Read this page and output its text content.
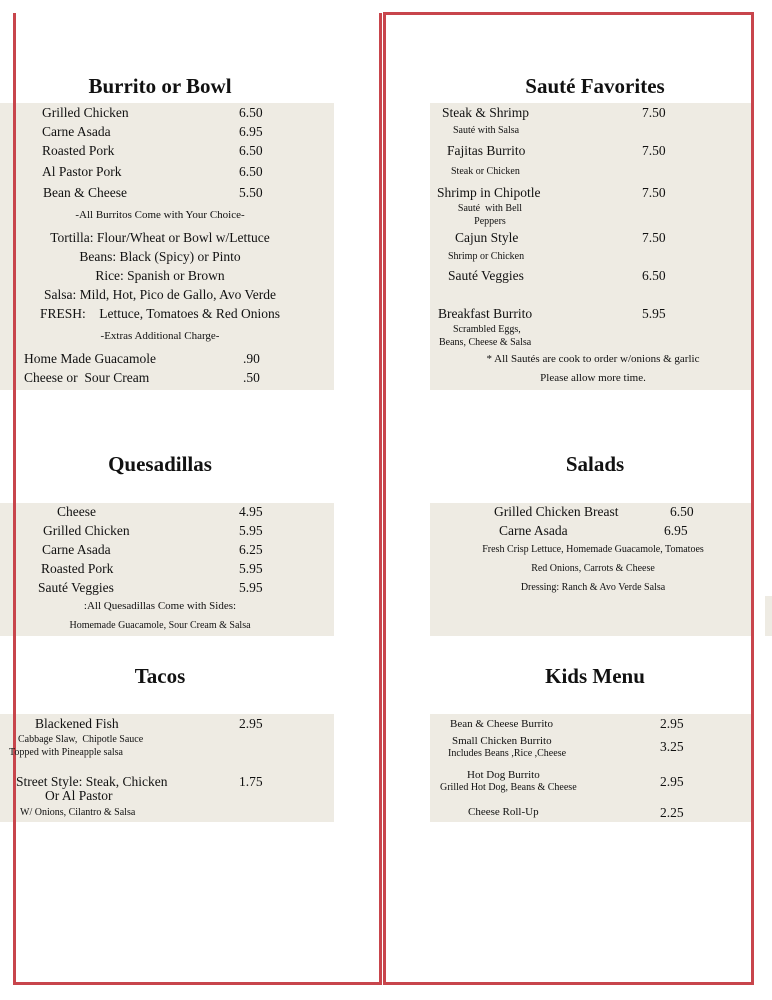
Burrito or Bowl
Grilled Chicken	6.50
Carne Asada	6.95
Roasted Pork	6.50
Al Pastor Pork	6.50
Bean & Cheese	5.50
-All Burritos Come with Your Choice-
Tortilla: Flour/Wheat or Bowl w/Lettuce
Beans: Black (Spicy) or Pinto
Rice: Spanish or Brown
Salsa: Mild, Hot, Pico de Gallo, Avo Verde
FRESH:    Lettuce, Tomatoes & Red Onions
-Extras Additional Charge-
Home Made Guacamole	.90
Cheese or  Sour Cream	.50
Sauté Favorites
Steak & Shrimp	7.50
Sauté with Salsa
Fajitas Burrito	7.50
Steak or Chicken
Shrimp in Chipotle	7.50
Sauté  with Bell
Peppers
Cajun Style	7.50
Shrimp or Chicken
Sauté Veggies	6.50
Breakfast Burrito	5.95
Scrambled Eggs,
Beans, Cheese & Salsa
* All Sautés are cook to order w/onions & garlic
Please allow more time.
Quesadillas
Cheese	4.95
Grilled Chicken	5.95
Carne Asada	6.25
Roasted Pork	5.95
Sauté Veggies	5.95
:All Quesadillas Come with Sides:
Homemade Guacamole, Sour Cream & Salsa
Salads
Grilled Chicken Breast	6.50
Carne Asada	6.95
Fresh Crisp Lettuce, Homemade Guacamole, Tomatoes
Red Onions, Carrots & Cheese
Dressing: Ranch & Avo Verde Salsa
Tacos
Blackened Fish	2.95
Cabbage Slaw,  Chipotle Sauce
Topped with Pineapple salsa
Street Style: Steak, Chicken	1.75
Or Al Pastor
W/ Onions, Cilantro & Salsa
Kids Menu
Bean & Cheese Burrito	2.95
Small Chicken Burrito
Includes Beans ,Rice ,Cheese	3.25
Hot Dog Burrito
Grilled Hot Dog, Beans & Cheese	2.95
Cheese Roll-Up	2.25
